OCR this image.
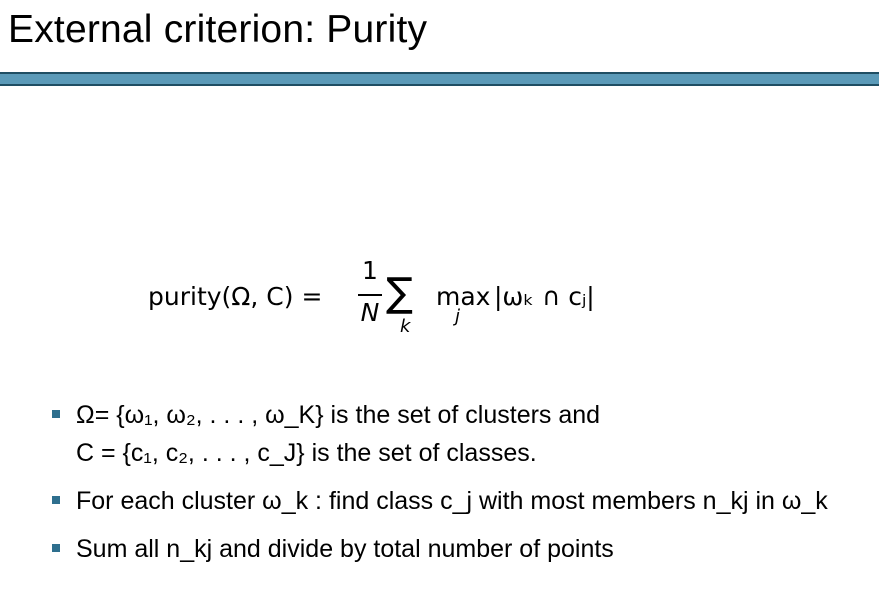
External criterion: Purity
purity(Ω, C) =
1
N ∑
k
max
j
|ωₖ ∩ cⱼ|
Ω= {ω₁, ω₂, . . . , ω_K} is the set of clusters and
C = {c₁, c₂, . . . , c_J} is the set of classes.
For each cluster ω_k : find class c_j with most members n_kj in ω_k
Sum all n_kj and divide by total number of points
